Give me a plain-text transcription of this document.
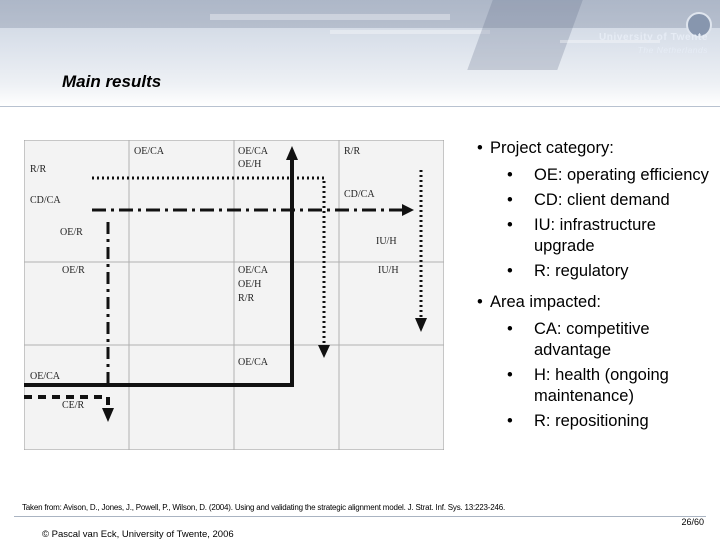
University of Twente
The Netherlands
Main results
OE/CA	OE/CA
OE/H
R/R
R/R
CD/CA
CD/CA
OE/R
IU/H
OE/R	OE/CA
OE/H
R/R
IU/H
OE/CA
OE/CA
CE/R
• Project category:
•	OE: operating efficiency
•	CD: client demand
•	IU: infrastructure upgrade
•	R: regulatory
• Area impacted:
•	CA: competitive advantage
•	H: health (ongoing maintenance)
•	R: repositioning
Taken from: Avison, D., Jones, J., Powell, P., Wilson, D. (2004). Using and validating the strategic alignment model. J. Strat. Inf. Sys. 13:223-246.
© Pascal van Eck, University of Twente, 2006
26/60
